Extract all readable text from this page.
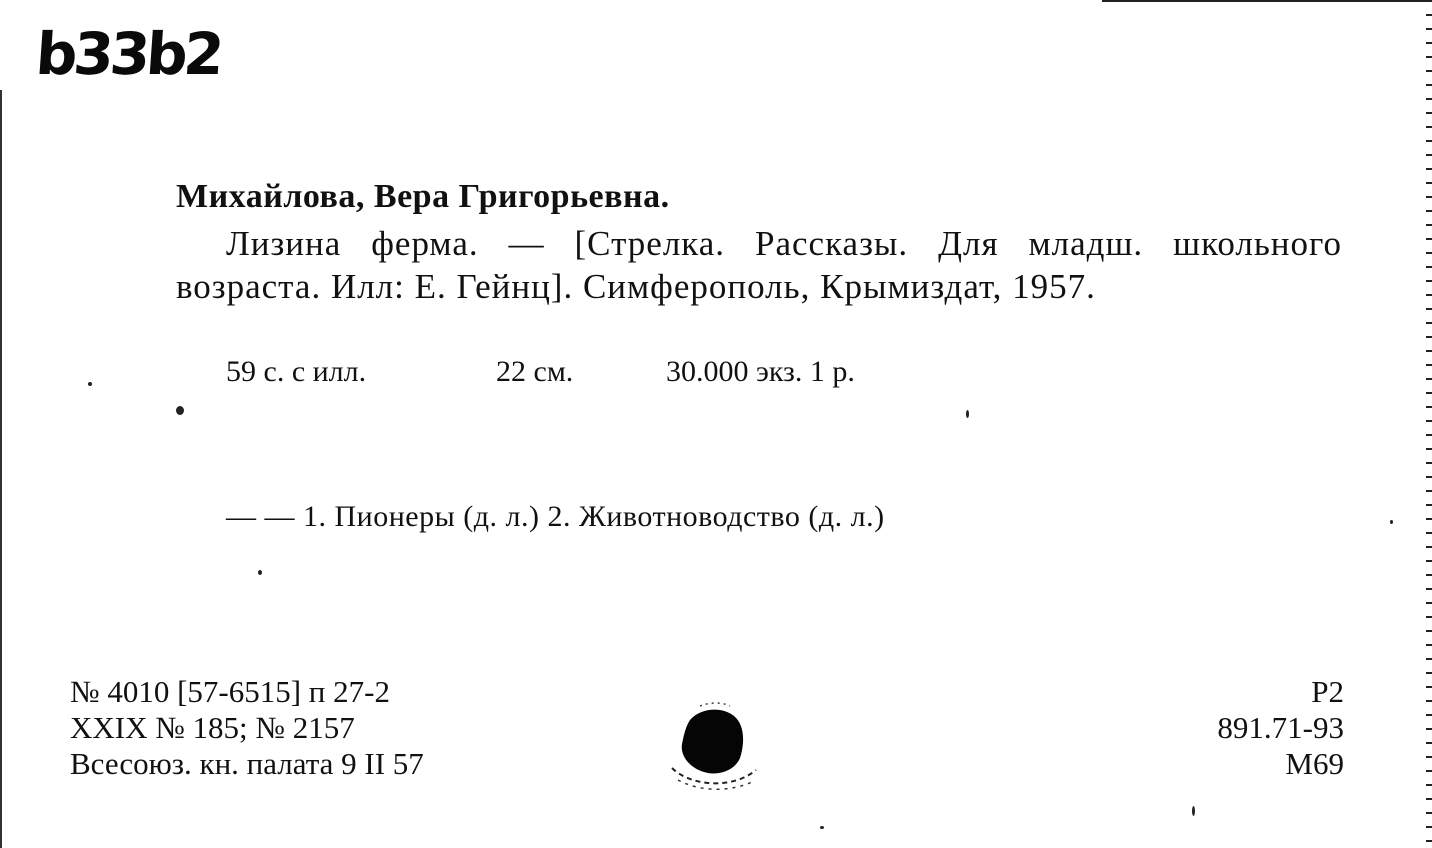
b33b2
Михайлова, Вера Григорьевна.
Лизина ферма. — [Стрелка. Рассказы. Для младш. школьного возраста. Илл: Е. Гейнц]. Симферополь, Крымиздат, 1957.
59 с. с илл.	22 см.	30.000 экз. 1 р.
— — 1. Пионеры (д. л.) 2. Животноводство (д. л.)
№ 4010 [57-6515] п 27-2
XXIX № 185; № 2157
Всесоюз. кн. палата 9 II 57
Р2
891.71-93
М69
